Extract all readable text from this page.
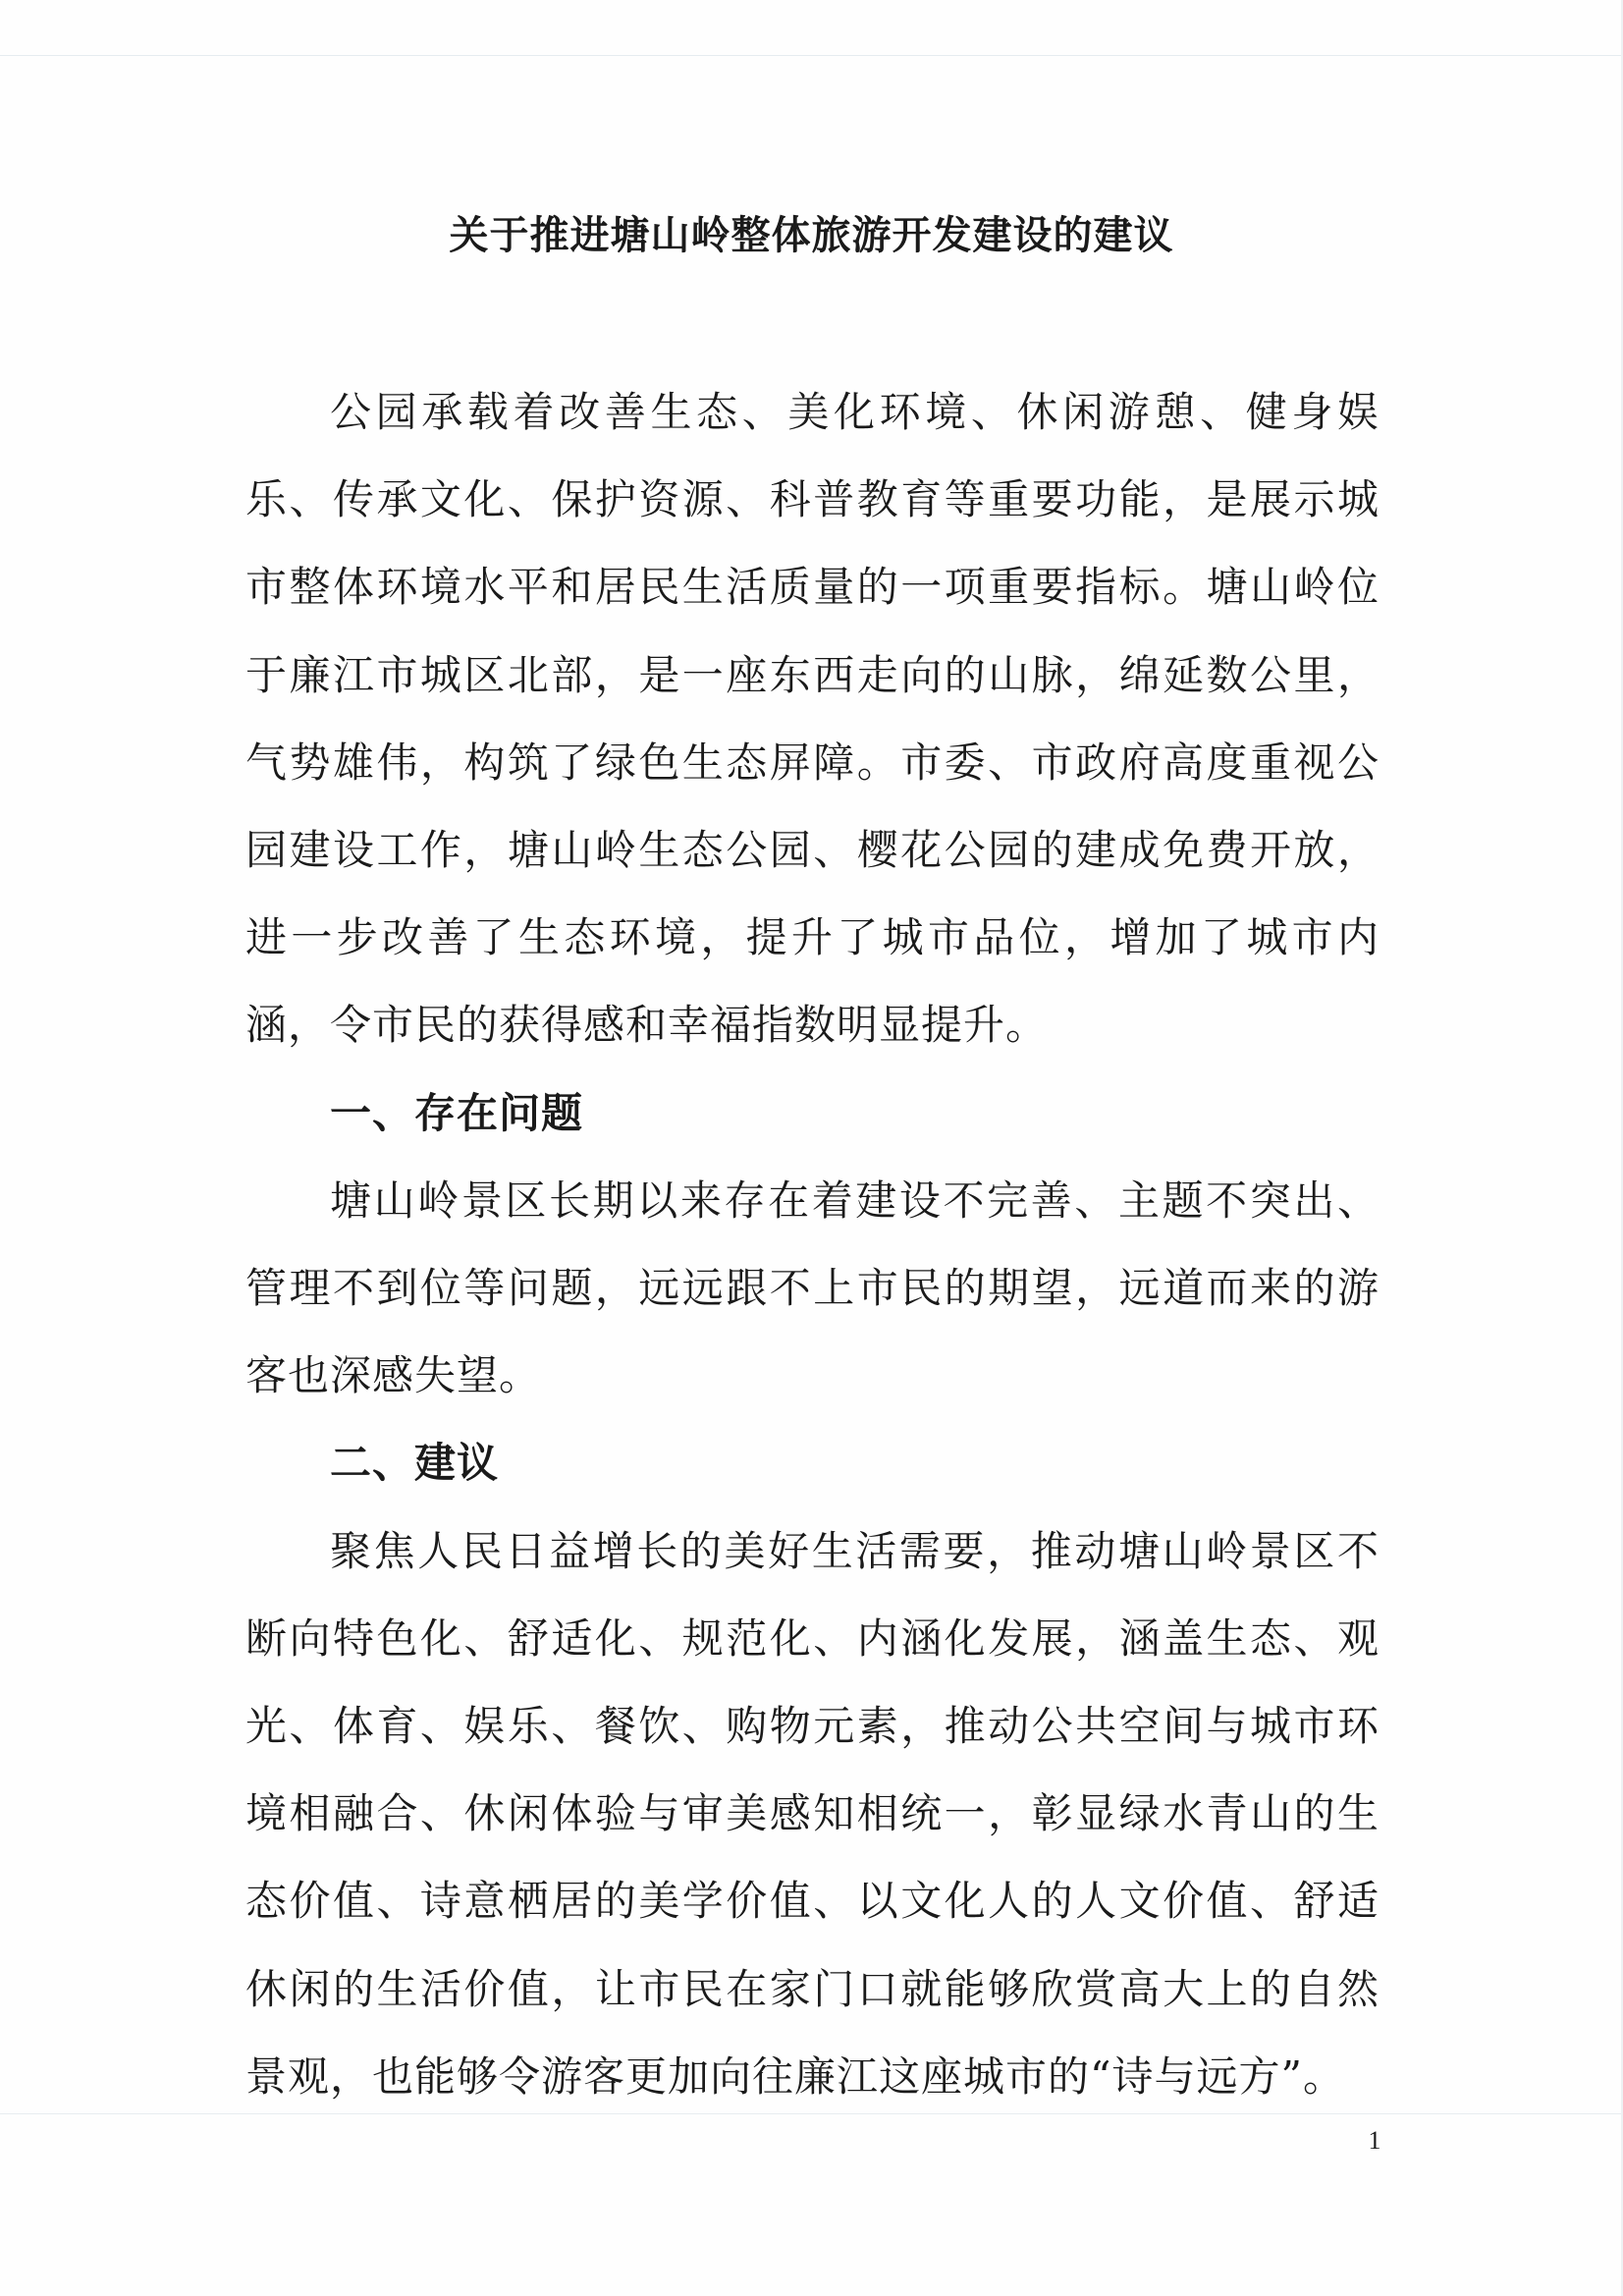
关于推进塘山岭整体旅游开发建设的建议

公园承载着改善生态、美化环境、休闲游憩、健身娱乐、传承文化、保护资源、科普教育等重要功能，是展示城市整体环境水平和居民生活质量的一项重要指标。塘山岭位于廉江市城区北部，是一座东西走向的山脉，绵延数公里，气势雄伟，构筑了绿色生态屏障。市委、市政府高度重视公园建设工作，塘山岭生态公园、樱花公园的建成免费开放，进一步改善了生态环境，提升了城市品位，增加了城市内涵，令市民的获得感和幸福指数明显提升。

一、存在问题

塘山岭景区长期以来存在着建设不完善、主题不突出、管理不到位等问题，远远跟不上市民的期望，远道而来的游客也深感失望。

二、建议

聚焦人民日益增长的美好生活需要，推动塘山岭景区不断向特色化、舒适化、规范化、内涵化发展，涵盖生态、观光、体育、娱乐、餐饮、购物元素，推动公共空间与城市环境相融合、休闲体验与审美感知相统一，彰显绿水青山的生态价值、诗意栖居的美学价值、以文化人的人文价值、舒适休闲的生活价值，让市民在家门口就能够欣赏高大上的自然景观，也能够令游客更加向往廉江这座城市的“诗与远方”。

1
